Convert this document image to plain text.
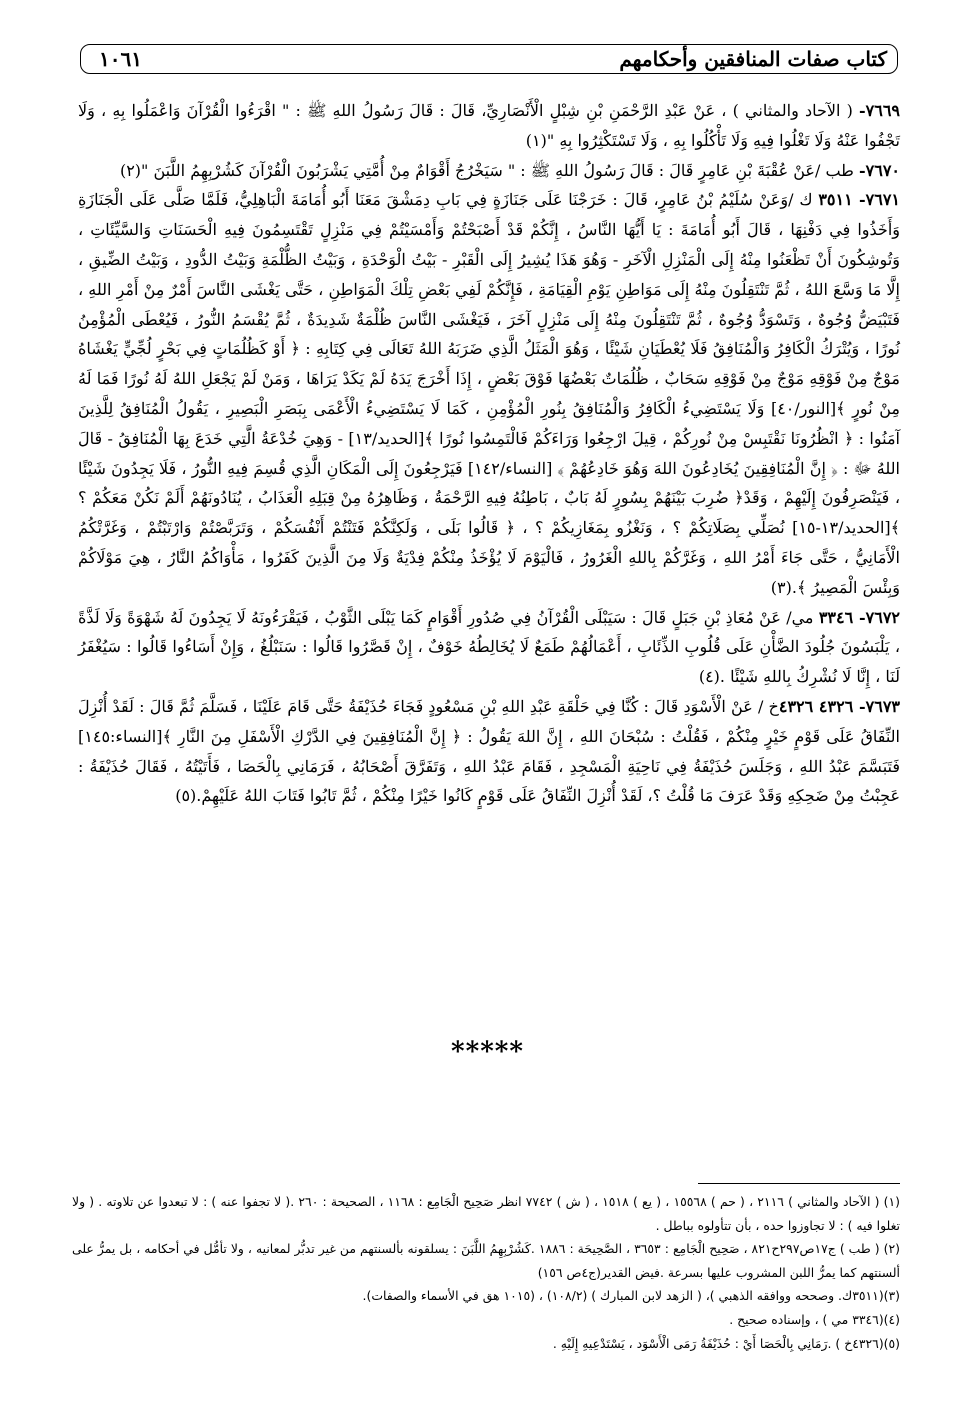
كتاب صفات المنافقين وأحكامهم
١٠٦١

٧٦٦٩- ( الآحاد والمثاني ) ، عَنْ عَبْدِ الرَّحْمَنِ بْنِ شِبْلٍ الْأَنْصَارِيِّ، قَالَ : قَالَ رَسُولُ اللهِ ﷺ : " اقْرَءُوا الْقُرْآنَ وَاعْمَلُوا بِهِ ، وَلَا تَجْفُوا عَنْهُ وَلَا تَغْلُوا فِيهِ وَلَا تَأْكُلُوا بِهِ ، وَلَا تَسْتَكْثِرُوا بِهِ "(١)

٧٦٧٠- طب /عَنْ عُقْبَةَ بْنِ عَامِرٍ قَالَ : قَالَ رَسُولُ اللهِ ﷺ : " سَيَخْرُجُ أَقْوَامٌ مِنْ أُمَّتِي يَشْرَبُونَ الْقُرْآنَ كَشُرْبِهِمُ اللَّبَنَ "(٢)

٧٦٧١- ٣٥١١ ك /وَعَنْ سُلَيْمُ بْنُ عَامِرٍ، قَالَ : خَرَجْنَا عَلَى جَنَازَةٍ فِي بَابِ دِمَشْقَ مَعَنَا أَبُو أُمَامَةَ الْبَاهِلِيُّ، فَلَمَّا صَلَّى عَلَى الْجَنَازَةِ وَأَخَذُوا فِي دَفْنِهَا ، قَالَ أَبُو أُمَامَةَ : يَا أَيُّهَا النَّاسُ ، إِنَّكُمْ قَدْ أَصْبَحْتُمْ وَأَمْسَيْتُمْ فِي مَنْزِلٍ تَقْتَسِمُونَ فِيهِ الْحَسَنَاتِ وَالسَّيِّئَاتِ ، وَتُوشِكُونَ أَنْ تَظْعَنُوا مِنْهُ إِلَى الْمَنْزِلِ الْآخَرِ - وَهُوَ هَذَا يُشِيرُ إِلَى الْقَبْرِ - بَيْتُ الْوَحْدَةِ ، وَبَيْتُ الظُّلْمَةِ وَبَيْتُ الدُّودِ ، وَبَيْتُ الضِّيقِ ، إِلَّا مَا وَسَّعَ اللهُ ، ثُمَّ تَنْتَقِلُونَ مِنْهُ إِلَى مَوَاطِنِ يَوْمِ الْقِيَامَةِ ، فَإِنَّكُمْ لَفِي بَعْضِ تِلْكَ الْمَوَاطِنِ ، حَتَّى يَغْشَى النَّاسَ أَمْرٌ مِنْ أَمْرِ اللهِ ، فَتَبْيَضُّ وُجُوهٌ ، وَتَسْوَدُّ وُجُوهٌ ، ثُمَّ تَنْتَقِلُونَ مِنْهُ إِلَى مَنْزِلٍ آخَرَ ، فَيَغْشَى النَّاسَ ظُلْمَةٌ شَدِيدَةٌ ، ثُمَّ يُقْسَمُ النُّورُ ، فَيُعْطَى الْمُؤْمِنُ نُورًا ، وَيُتْرَكُ الْكَافِرُ وَالْمُنَافِقُ فَلَا يُعْطَيَانِ شَيْئًا ، وَهُوَ الْمَثَلُ الَّذِي ضَرَبَهُ اللهُ تَعَالَى فِي كِتَابِهِ : ﴿ أَوْ كَظُلُمَاتٍ فِي بَحْرٍ لُجِّيٍّ يَغْشَاهُ مَوْجٌ مِنْ فَوْقِهِ مَوْجٌ مِنْ فَوْقِهِ سَحَابٌ ، ظُلُمَاتٌ بَعْضُهَا فَوْقَ بَعْضٍ ، إِذَا أَخْرَجَ يَدَهُ لَمْ يَكَدْ يَرَاهَا ، وَمَنْ لَمْ يَجْعَلِ اللهُ لَهُ نُورًا فَمَا لَهُ مِنْ نُورٍ ﴾[النور/٤٠] وَلَا يَسْتَضِيءُ الْكَافِرُ وَالْمُنَافِقُ بِنُورِ الْمُؤْمِنِ ، كَمَا لَا يَسْتَضِيءُ الْأَعْمَى بِبَصَرِ الْبَصِيرِ ، يَقُولُ الْمُنَافِقُ لِلَّذِينَ آمَنُوا : ﴿ انْظُرُونَا نَقْتَبِسْ مِنْ نُورِكُمْ ، قِيلَ ارْجِعُوا وَرَاءَكُمْ فَالْتَمِسُوا نُورًا ﴾[الحديد/١٣] - وَهِيَ خُدْعَةُ الَّتِي خَدَعَ بِهَا الْمُنَافِقُ - قَالَ اللهُ ﷻ : ﴿ إِنَّ الْمُنَافِقِينَ يُخَادِعُونَ اللهَ وَهُوَ خَادِعُهُمْ ﴾ [النساء/١٤٢] فَيَرْجِعُونَ إِلَى الْمَكَانِ الَّذِي قُسِمَ فِيهِ النُّورُ ، فَلَا يَجِدُونَ شَيْئًا ، فَيَنْصَرِفُونَ إِلَيْهِمْ ، وَقَدْ﴿ ضُرِبَ بَيْنَهُمْ بِسُورٍ لَهُ بَابٌ ، بَاطِنُهُ فِيهِ الرَّحْمَةُ ، وَظَاهِرُهُ مِنْ قِبَلِهِ الْعَذَابُ ، يُنَادُونَهُمْ أَلَمْ نَكُنْ مَعَكُمْ ؟ ﴾[الحديد/١٣-١٥] نُصَلِّي بِصَلَاتِكُمْ ؟ ، وَنَغْزُو بِمَغَازِيكُمْ ؟ ، ﴿ قَالُوا بَلَى ، وَلَكِنَّكُمْ فَتَنْتُمْ أَنْفُسَكُمْ ، وَتَرَبَّصْتُمْ وَارْتَبْتُمْ ، وَغَرَّتْكُمُ الْأَمَانِيُّ ، حَتَّى جَاءَ أَمْرُ اللهِ ، وَغَرَّكُمْ بِاللهِ الْغَرُورُ ، فَالْيَوْمَ لَا يُؤْخَذُ مِنْكُمْ فِدْيَةٌ وَلَا مِنَ الَّذِينَ كَفَرُوا ، مَأْوَاكُمُ النَّارُ ، هِيَ مَوْلَاكُمْ وَبِئْسَ الْمَصِيرُ ﴾.(٣)

٧٦٧٢- ٣٣٤٦ مي/ عَنْ مُعَاذِ بْنِ جَبَلٍ قَالَ : سَيَبْلَى الْقُرْآنُ فِي صُدُورِ أَقْوَامٍ كَمَا يَبْلَى الثَّوْبُ ، فَيَقْرَءُونَهُ لَا يَجِدُونَ لَهُ شَهْوَةً وَلَا لَذَّةً ، يَلْبَسُونَ جُلُودَ الضَّأْنِ عَلَى قُلُوبِ الذِّئَابِ ، أَعْمَالُهُمْ طَمَعٌ لَا يُخَالِطُهُ خَوْفٌ ، إِنْ قَصَّرُوا قَالُوا : سَنَبْلُغُ ، وَإِنْ أَسَاءُوا قَالُوا : سَيُغْفَرُ لَنَا ، إِنَّا لَا نُشْرِكُ بِاللهِ شَيْئًا .(٤)

٧٦٧٣- ٤٣٢٦ ٤٣٢٦خ / عَنْ الْأَسْوَدِ قَالَ : كُنَّا فِي حَلْقَةِ عَبْدِ اللهِ بْنِ مَسْعُودٍ فَجَاءَ حُذَيْفَةُ حَتَّى قَامَ عَلَيْنَا ، فَسَلَّمَ ثُمَّ قَالَ : لَقَدْ أُنْزِلَ النِّفَاقُ عَلَى قَوْمٍ خَيْرٍ مِنْكُمْ ، فَقُلْتُ : سُبْحَانَ اللهِ ، إِنَّ اللهَ يَقُولُ : ﴿ إِنَّ الْمُنَافِقِينَ فِي الدَّرْكِ الْأَسْفَلِ مِنَ النَّارِ ﴾[النساء:١٤٥] فَتَبَسَّمَ عَبْدُ اللهِ ، وَجَلَسَ حُذَيْفَةُ فِي نَاحِيَةِ الْمَسْجِدِ ، فَقَامَ عَبْدُ اللهِ ، وَتَفَرَّقَ أَصْحَابُهُ ، فَرَمَانِي بِالْحَصَا ، فَأَتَيْتُهُ ، فَقَالَ حُذَيْفَةُ : عَجِبْتُ مِنْ ضَحِكِهِ وَقَدْ عَرَفَ مَا قُلْتُ ؟، لَقَدْ أُنْزِلَ النِّفَاقُ عَلَى قَوْمٍ كَانُوا خَيْرًا مِنْكُمْ ، ثُمَّ تَابُوا فَتَابَ اللهُ عَلَيْهِمْ.(٥)

*****

(١) ( الآحاد والمثاني ) ٢١١٦ ، ( حم ) ١٥٥٦٨ ، ( يع ) ١٥١٨ ، ( ش ) ٧٧٤٢ انظر صَحِيح الْجَامِع : ١١٦٨ ، الصحيحة : ٢٦٠ .( لا تجفوا عنه ) : لا تبعدوا عن تلاوته . ( ولا تغلوا فيه ) : لا تجاوزوا حده ، بأن تتأولوه بباطل .

(٢) ( طب ) ج١٧ص٢٩٧ح٨٢١ ، صَحِيح الْجَامِع : ٣٦٥٣ ، الصَّحِيحَة : ١٨٨٦ .كَشُرْبِهِمُ اللَّبَنَ : يسلقونه بألسنتهم من غير تدبُّر لمعانيه ، ولا تأمُّل في أحكامه ، بل يمرُّ على ألسنتهم كما يمرُّ اللبن المشروب عليها بسرعة .فيض القدير(ج٤ص ١٥٦)

(٣)(٣٥١١ك. وصححه ووافقه الذهبي )، ( الزهد لابن المبارك ) (١٠٨/٢) ، (١٠١٥ هق في الأسماء والصفات).

(٤)(٣٣٤٦ مي ) ، وإسناده صحيح .

(٥)(٤٣٢٦خ ) .رَمَانِي بِالْحَصَا أَيْ : حُذَيْفَةُ رَمَى الْأَسْوَد ، يَسْتَدْعِيهِ إِلَيْهِ .
